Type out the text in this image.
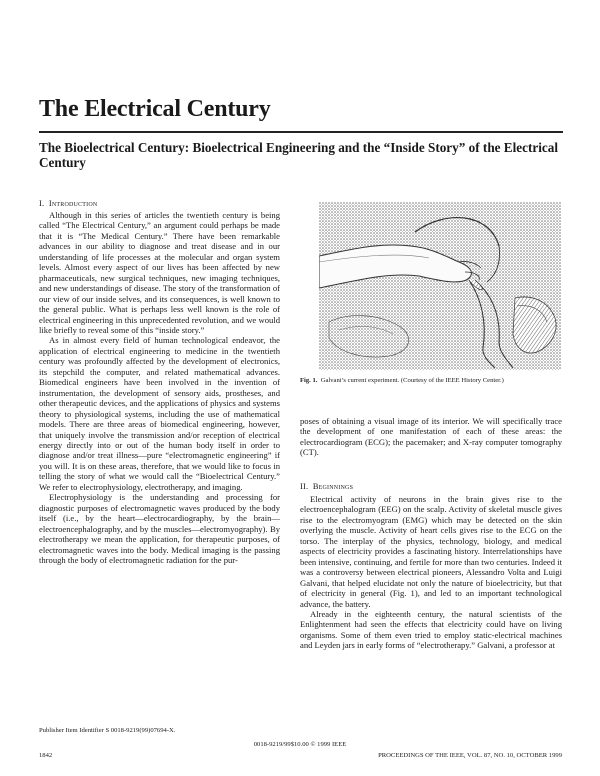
The Electrical Century
The Bioelectrical Century: Bioelectrical Engineering and the “Inside Story” of the Electrical Century
I. Introduction

Although in this series of articles the twentieth century is being called “The Electrical Century,” an argument could perhaps be made that it is “The Medical Century.” There have been remarkable advances in our ability to diagnose and treat disease and in our understanding of life processes at the molecular and organ system levels. Almost every aspect of our lives has been affected by new pharmaceuticals, new surgical techniques, new imaging techniques, and new understandings of disease. The story of the transformation of our view of our inside selves, and its consequences, is well known to the general public. What is perhaps less well known is the role of electrical engineering in this unprecedented revolution, and we would like briefly to reveal some of this “inside story.”

As in almost every field of human technological endeavor, the application of electrical engineering to medicine in the twentieth century was profoundly affected by the development of electronics, its stepchild the computer, and related mathematical advances. Biomedical engineers have been involved in the invention of instrumentation, the development of sensory aids, prostheses, and other therapeutic devices, and the applications of physics and systems theory to physiological systems, including the use of mathematical models. There are three areas of biomedical engineering, however, that uniquely involve the transmission and/or reception of electrical energy directly into or out of the human body itself in order to diagnose and/or treat illness—pure “electromagnetic engineering” if you will. It is on these areas, therefore, that we would like to focus in telling the story of what we would call the “Bioelectrical Century.” We refer to electrophysiology, electrotherapy, and imaging.

Electrophysiology is the understanding and processing for diagnostic purposes of electromagnetic waves produced by the body itself (i.e., by the heart—electrocardiography, by the brain—electroencephalography, and by the muscles—electromyography). By electrotherapy we mean the application, for therapeutic purposes, of electromagnetic waves into the body. Medical imaging is the passing through the body of electromagnetic radiation for the pur-

Fig. 1. Galvani’s current experiment. (Courtesy of the IEEE History Center.)

poses of obtaining a visual image of its interior. We will specifically trace the development of one manifestation of each of these areas: the electrocardiogram (ECG); the pacemaker; and X-ray computer tomography (CT).

II. Beginnings

Electrical activity of neurons in the brain gives rise to the electroencephalogram (EEG) on the scalp. Activity of skeletal muscle gives rise to the electromyogram (EMG) which may be detected on the skin overlying the muscle. Activity of heart cells gives rise to the ECG on the torso. The interplay of the physics, technology, biology, and medical aspects of electricity provides a fascinating history. Interrelationships have been intensive, continuing, and fertile for more than two centuries. Indeed it was a controversy between electrical pioneers, Alessandro Volta and Luigi Galvani, that helped elucidate not only the nature of bioelectricity, but that of electricity in general (Fig. 1), and led to an important technological advance, the battery.

Already in the eighteenth century, the natural scientists of the Enlightenment had seen the effects that electricity could have on living organisms. Some of them even tried to employ static-electrical machines and Leyden jars in early forms of “electrotherapy.” Galvani, a professor at

Publisher Item Identifier S 0018-9219(99)07694-X.
0018-9219/99$10.00 © 1999 IEEE
1842	PROCEEDINGS OF THE IEEE, VOL. 87, NO. 10, OCTOBER 1999
